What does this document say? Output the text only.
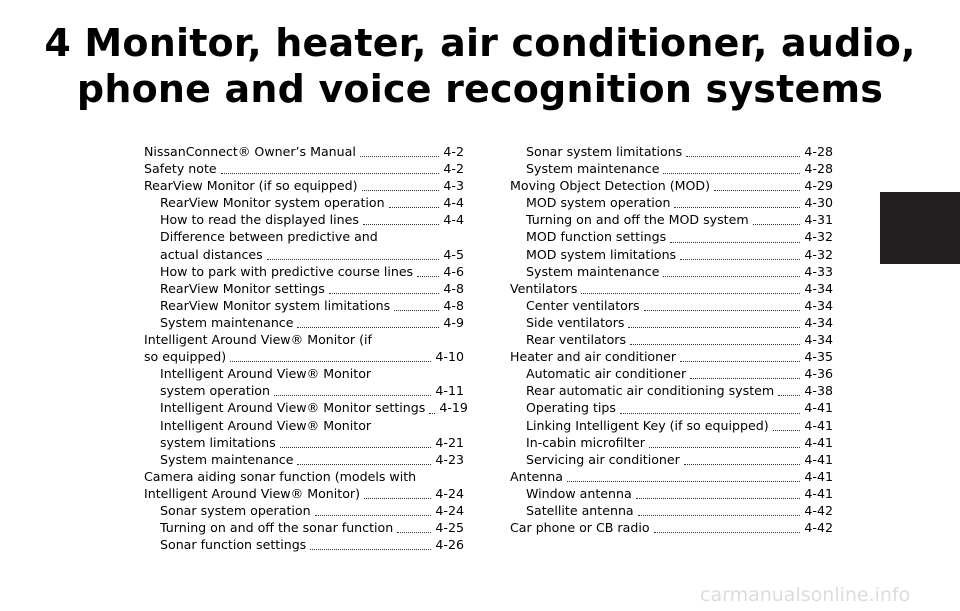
4 Monitor, heater, air conditioner, audio,
phone and voice recognition systems
NissanConnect® Owner’s Manual	4-2
Safety note	4-2
RearView Monitor (if so equipped)	4-3
RearView Monitor system operation	4-4
How to read the displayed lines	4-4
Difference between predictive and
actual distances	4-5
How to park with predictive course lines 4-6
RearView Monitor settings	4-8
RearView Monitor system limitations	4-8
System maintenance	4-9
Intelligent Around View® Monitor (if
so equipped)	4-10
Intelligent Around View® Monitor
system operation	4-11
Intelligent Around View® Monitor settings 4-19
Intelligent Around View® Monitor
system limitations	4-21
System maintenance	4-23
Camera aiding sonar function (models with
Intelligent Around View® Monitor)	4-24
Sonar system operation	4-24
Turning on and off the sonar function	4-25
Sonar function settings	4-26
Sonar system limitations	4-28
System maintenance	4-28
Moving Object Detection (MOD)	4-29
MOD system operation	4-30
Turning on and off the MOD system	4-31
MOD function settings	4-32
MOD system limitations	4-32
System maintenance	4-33
Ventilators	4-34
Center ventilators	4-34
Side ventilators	4-34
Rear ventilators	4-34
Heater and air conditioner	4-35
Automatic air conditioner	4-36
Rear automatic air conditioning system 4-38
Operating tips	4-41
Linking Intelligent Key (if so equipped)	4-41
In-cabin microfilter	4-41
Servicing air conditioner	4-41
Antenna	4-41
Window antenna	4-41
Satellite antenna	4-42
Car phone or CB radio	4-42
carmanualsonline.info
